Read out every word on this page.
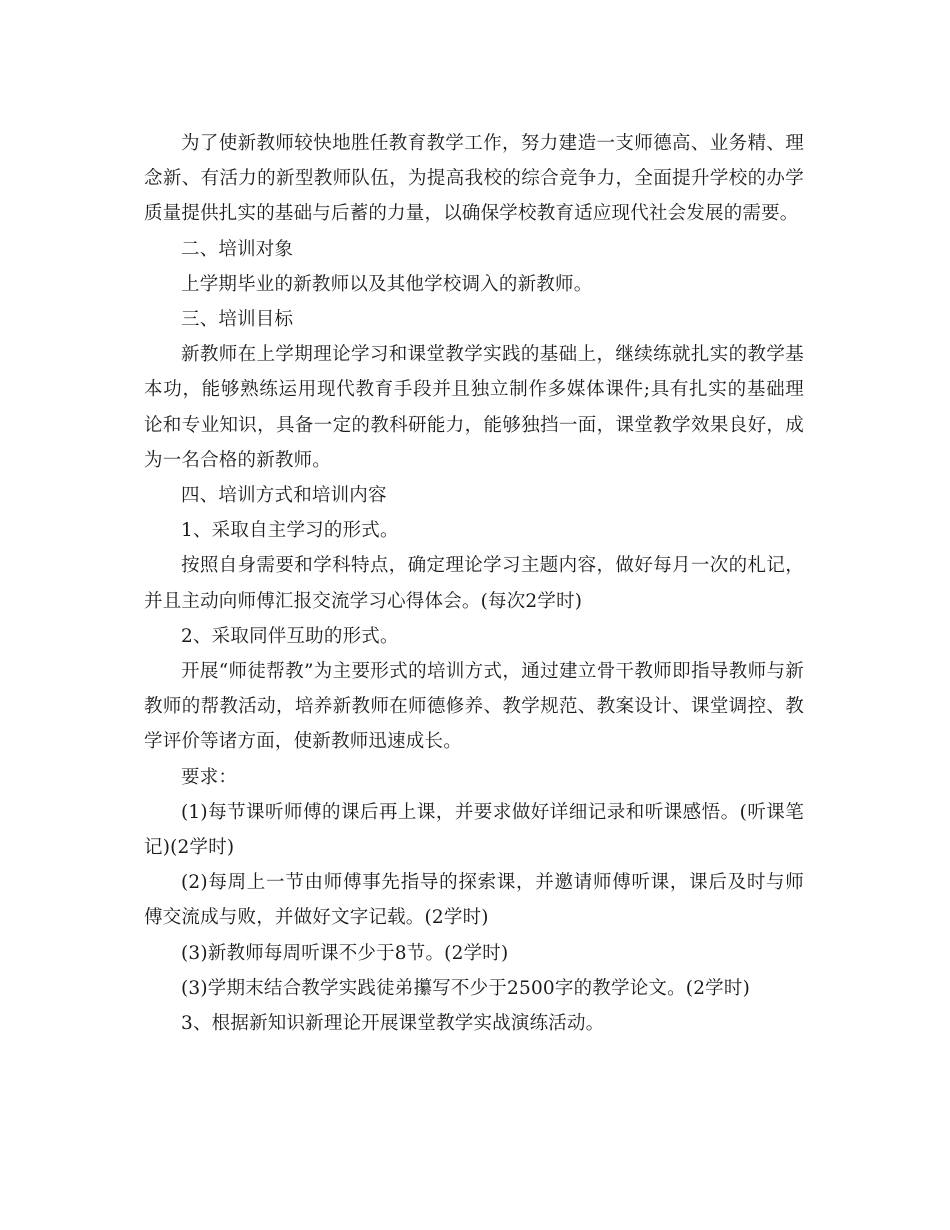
为了使新教师较快地胜任教育教学工作，努力建造一支师德高、业务精、理念新、有活力的新型教师队伍，为提高我校的综合竞争力，全面提升学校的办学质量提供扎实的基础与后蓄的力量，以确保学校教育适应现代社会发展的需要。

二、培训对象

上学期毕业的新教师以及其他学校调入的新教师。

三、培训目标

新教师在上学期理论学习和课堂教学实践的基础上，继续练就扎实的教学基本功，能够熟练运用现代教育手段并且独立制作多媒体课件;具有扎实的基础理论和专业知识，具备一定的教科研能力，能够独挡一面，课堂教学效果良好，成为一名合格的新教师。

四、培训方式和培训内容

1、采取自主学习的形式。

按照自身需要和学科特点，确定理论学习主题内容，做好每月一次的札记，并且主动向师傅汇报交流学习心得体会。(每次2学时)

2、采取同伴互助的形式。

开展“师徒帮教”为主要形式的培训方式，通过建立骨干教师即指导教师与新教师的帮教活动，培养新教师在师德修养、教学规范、教案设计、课堂调控、教学评价等诸方面，使新教师迅速成长。

要求：

(1)每节课听师傅的课后再上课，并要求做好详细记录和听课感悟。(听课笔记)(2学时)

(2)每周上一节由师傅事先指导的探索课，并邀请师傅听课，课后及时与师傅交流成与败，并做好文字记载。(2学时)

(3)新教师每周听课不少于8节。(2学时)

(3)学期末结合教学实践徒弟攥写不少于2500字的教学论文。(2学时)

3、根据新知识新理论开展课堂教学实战演练活动。
